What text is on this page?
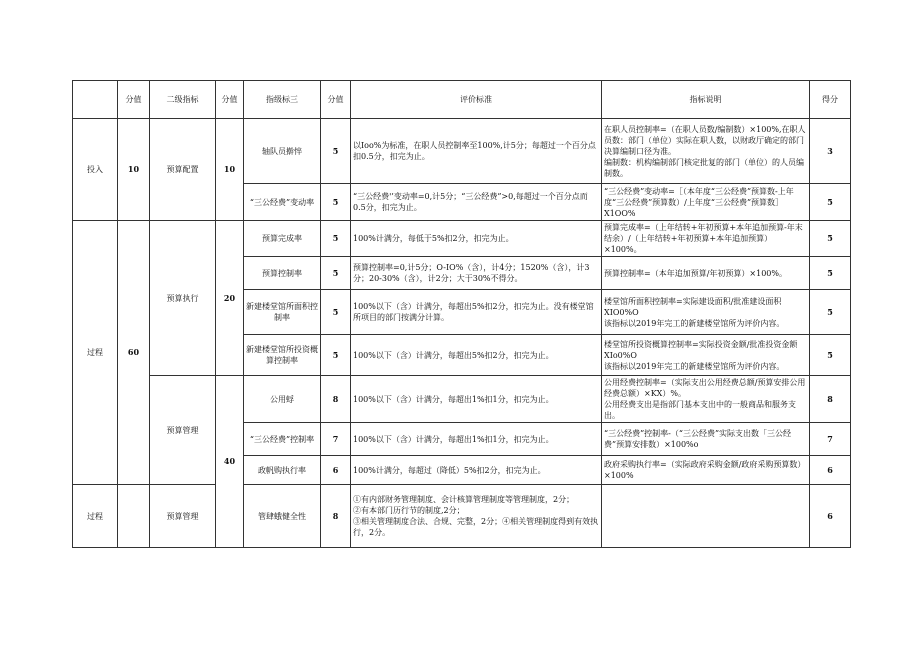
	分值	二级指标	分值	指级标三	分值	评价标准	指标说明	得分
投入	10	预算配置	10	轴队员擀悴	5	以Ioo%为标准，在职人员控制率至100%,计5分；每超过一个百分点扣0.5分，扣完为止。	在职人员控制率=（在职人员数/编制数）×100%,在职人员数：部门（单位）实际在职人数，以财政厅确定的部门决算编制口径为准。
编制数：机构编制部门核定批复的部门（单位）的人员编制数。	3
				“三公经费”变动率	5	“三公经费'’变动率=0,计5分；“三公经费”>0,每超过一个百分点而0.5分，扣完为止。	“三公经费”变动率=［（本年度“三公经费”预算数-上年度“三公经费”预算数）/上年度“三公经费”预算数］X1OO%	5
过程	60	预算执行	20	预算完成率	5	100%计满分，每低于5%扣2分，扣完为止。	预算完成率=（上年结转+年初预算+本年追加预算-年末结余）/（上年结转+年初预算+本年追加预算）×100%。	5
				预算控制率	5	预算控制率=0,计5分；O-IO%（含），计4分；1520%（含），计3分；20-30%（含），计2分；大于30%不得分。	预算控制率=（本年追加预算/年初预算）×100%。	5
				新建楼堂馆所面积控制率	5	100%以下（含）计满分，每超出5%扣2分，扣完为止。没有楼堂馆所项目的部门按满分计算。	楼堂馆所面积控制率=实际建设面积/批准建设面积 XIO0%O
该指标以2019年完工的新建楼堂馆所为评价内容。	5
				新建楼堂馆所投资概算控制率	5	100%以下（含）计满分，每超出5%扣2分，扣完为止。	楼堂馆所投资概算控制率=实际投资金额/批准投资金额 XIo0%O
该指标以2019年完工的新建楼堂馆所为评价内容。	5
		预算管理	40	公用蜉	8	100%以下（含）计满分，每超出1%扣1分，扣完为止。	公用经费控制率=（实际支出公用经费总额/预算安排公用经费总额）×KX）%。
公用经费支出是指部门基本支出中的一般商品和服务支出。	8
				“三公经费”控制率	7	100%以下（含）计满分，每超出1%扣1分，扣完为止。	“三公经费”控制率-（“三公经费”实际支出数「三公经费”预算安排数）×100%o	7
				政帆购执行率	6	100%计满分，每超过（降低）5%扣2分，扣完为止。	政府采购执行率=（实际政府采购金额/政府采购预算数）×100%	6
过程		预算管理		管肆蛾健全性	8	①有内部财务管理制度、会计核算管理制度等管理制度，2分；
②有本部门历行节的制度,2分；
③相关管理制度合法、合规、完整，2分；④相关管理制度得到有效执行，2分。		6
